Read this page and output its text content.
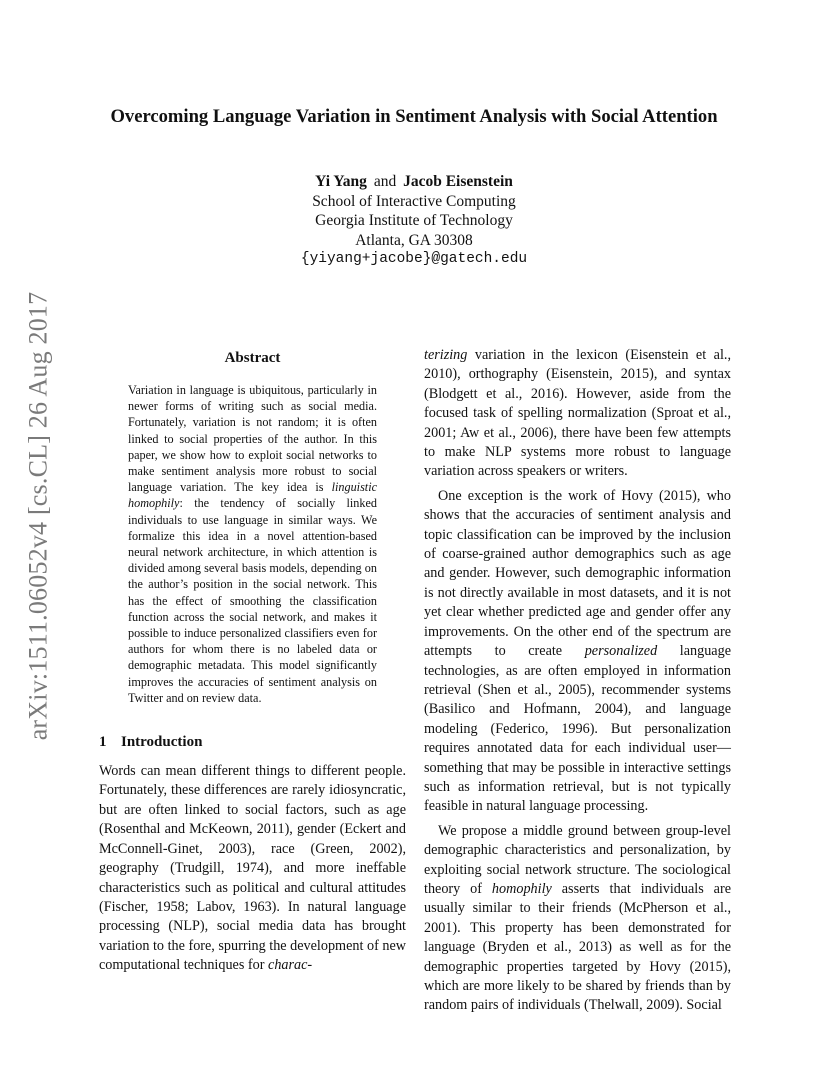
arXiv:1511.06052v4 [cs.CL] 26 Aug 2017
Overcoming Language Variation in Sentiment Analysis with Social Attention
Yi Yang and Jacob Eisenstein
School of Interactive Computing
Georgia Institute of Technology
Atlanta, GA 30308
{yiyang+jacobe}@gatech.edu
Abstract

Variation in language is ubiquitous, particularly in newer forms of writing such as social media. Fortunately, variation is not random; it is often linked to social properties of the author. In this paper, we show how to exploit social networks to make sentiment analysis more robust to social language variation. The key idea is linguistic homophily: the tendency of socially linked individuals to use language in similar ways. We formalize this idea in a novel attention-based neural network architecture, in which attention is divided among several basis models, depending on the author’s position in the social network. This has the effect of smoothing the classification function across the social network, and makes it possible to induce personalized classifiers even for authors for whom there is no labeled data or demographic metadata. This model significantly improves the accuracies of sentiment analysis on Twitter and on review data.

1 Introduction

Words can mean different things to different people. Fortunately, these differences are rarely idiosyncratic, but are often linked to social factors, such as age (Rosenthal and McKeown, 2011), gender (Eckert and McConnell-Ginet, 2003), race (Green, 2002), geography (Trudgill, 1974), and more ineffable characteristics such as political and cultural attitudes (Fischer, 1958; Labov, 1963). In natural language processing (NLP), social media data has brought variation to the fore, spurring the development of new computational techniques for charac-

terizing variation in the lexicon (Eisenstein et al., 2010), orthography (Eisenstein, 2015), and syntax (Blodgett et al., 2016). However, aside from the focused task of spelling normalization (Sproat et al., 2001; Aw et al., 2006), there have been few attempts to make NLP systems more robust to language variation across speakers or writers.

One exception is the work of Hovy (2015), who shows that the accuracies of sentiment analysis and topic classification can be improved by the inclusion of coarse-grained author demographics such as age and gender. However, such demographic information is not directly available in most datasets, and it is not yet clear whether predicted age and gender offer any improvements. On the other end of the spectrum are attempts to create personalized language technologies, as are often employed in information retrieval (Shen et al., 2005), recommender systems (Basilico and Hofmann, 2004), and language modeling (Federico, 1996). But personalization requires annotated data for each individual user—something that may be possible in interactive settings such as information retrieval, but is not typically feasible in natural language processing.

We propose a middle ground between group-level demographic characteristics and personalization, by exploiting social network structure. The sociological theory of homophily asserts that individuals are usually similar to their friends (McPherson et al., 2001). This property has been demonstrated for language (Bryden et al., 2013) as well as for the demographic properties targeted by Hovy (2015), which are more likely to be shared by friends than by random pairs of individuals (Thelwall, 2009). Social
